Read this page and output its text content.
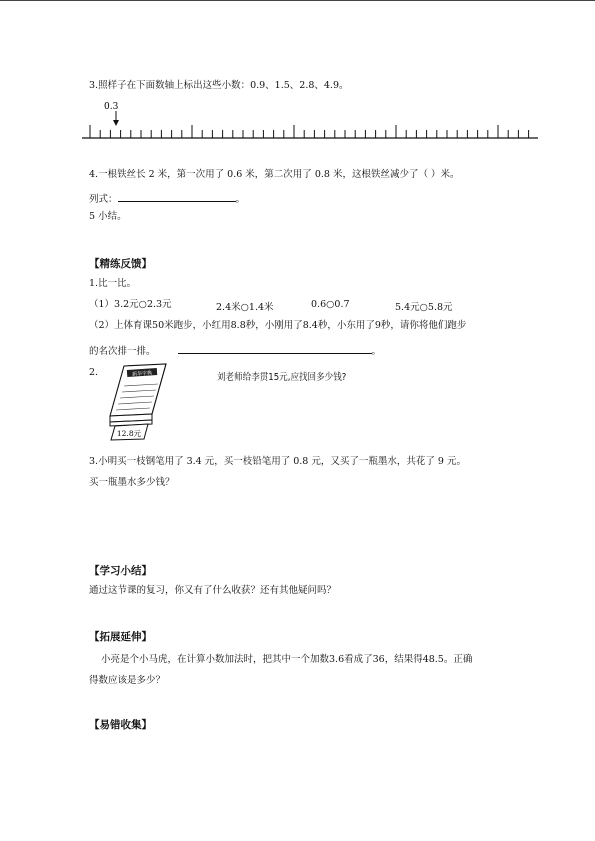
3.照样子在下面数轴上标出这些小数：0.9、1.5、2.8、4.9。
0.3
4.一根铁丝长 2 米，第一次用了 0.6 米，第二次用了 0.8 米，这根铁丝减少了（ ）米。
列式：	。
5 小结。
【精练反馈】
1.比一比。
（1）3.2元○2.3元	2.4米○1.4米	0.6○0.7	5.4元○5.8元
（2）上体育课50米跑步，小红用8.8秒，小刚用了8.4秒，小东用了9秒，请你将他们跑步
的名次排一排。	。
2.	新华字典
12.8元
刘老师给李贯15元,应找回多少钱?
3.小明买一枝钢笔用了 3.4 元，买一枝铅笔用了 0.8 元，又买了一瓶墨水，共花了 9 元。
买一瓶墨水多少钱？
【学习小结】
通过这节课的复习，你又有了什么收获？还有其他疑问吗？
【拓展延伸】
小亮是个小马虎，在计算小数加法时，把其中一个加数3.6看成了36，结果得48.5。正确
得数应该是多少？
【易错收集】
